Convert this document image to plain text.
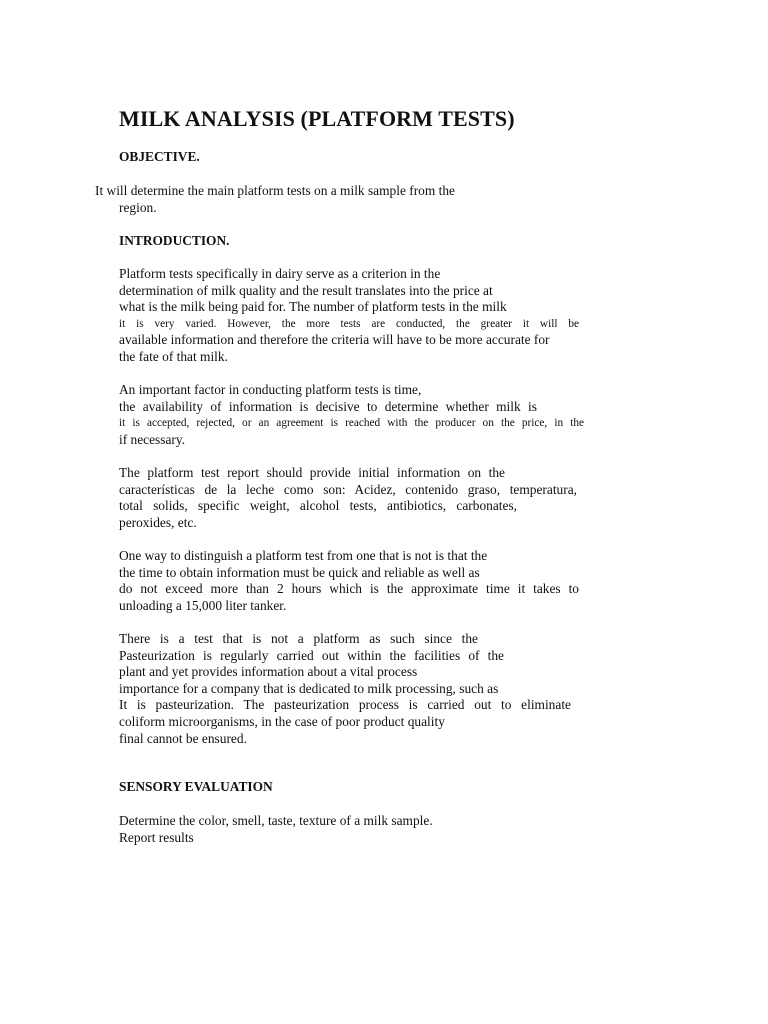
MILK ANALYSIS (PLATFORM TESTS)
OBJECTIVE.
It will determine the main platform tests on a milk sample from the
region.
INTRODUCTION.
Platform tests specifically in dairy serve as a criterion in the
determination of milk quality and the result translates into the price at
what is the milk being paid for. The number of platform tests in the milk
it is very varied. However, the more tests are conducted, the greater it will be
available information and therefore the criteria will have to be more accurate for
the fate of that milk.
An important factor in conducting platform tests is time,
the availability of information is decisive to determine whether milk is
it is accepted, rejected, or an agreement is reached with the producer on the price, in the
if necessary.
The platform test report should provide initial information on the
características de la leche como son: Acidez, contenido graso, temperatura,
total solids, specific weight, alcohol tests, antibiotics, carbonates,
peroxides, etc.
One way to distinguish a platform test from one that is not is that the
the time to obtain information must be quick and reliable as well as
do not exceed more than 2 hours which is the approximate time it takes to
unloading a 15,000 liter tanker.
There is a test that is not a platform as such since the
Pasteurization is regularly carried out within the facilities of the
plant and yet provides information about a vital process
importance for a company that is dedicated to milk processing, such as
It is pasteurization. The pasteurization process is carried out to eliminate
coliform microorganisms, in the case of poor product quality
final cannot be ensured.
SENSORY EVALUATION
Determine the color, smell, taste, texture of a milk sample.
Report results
